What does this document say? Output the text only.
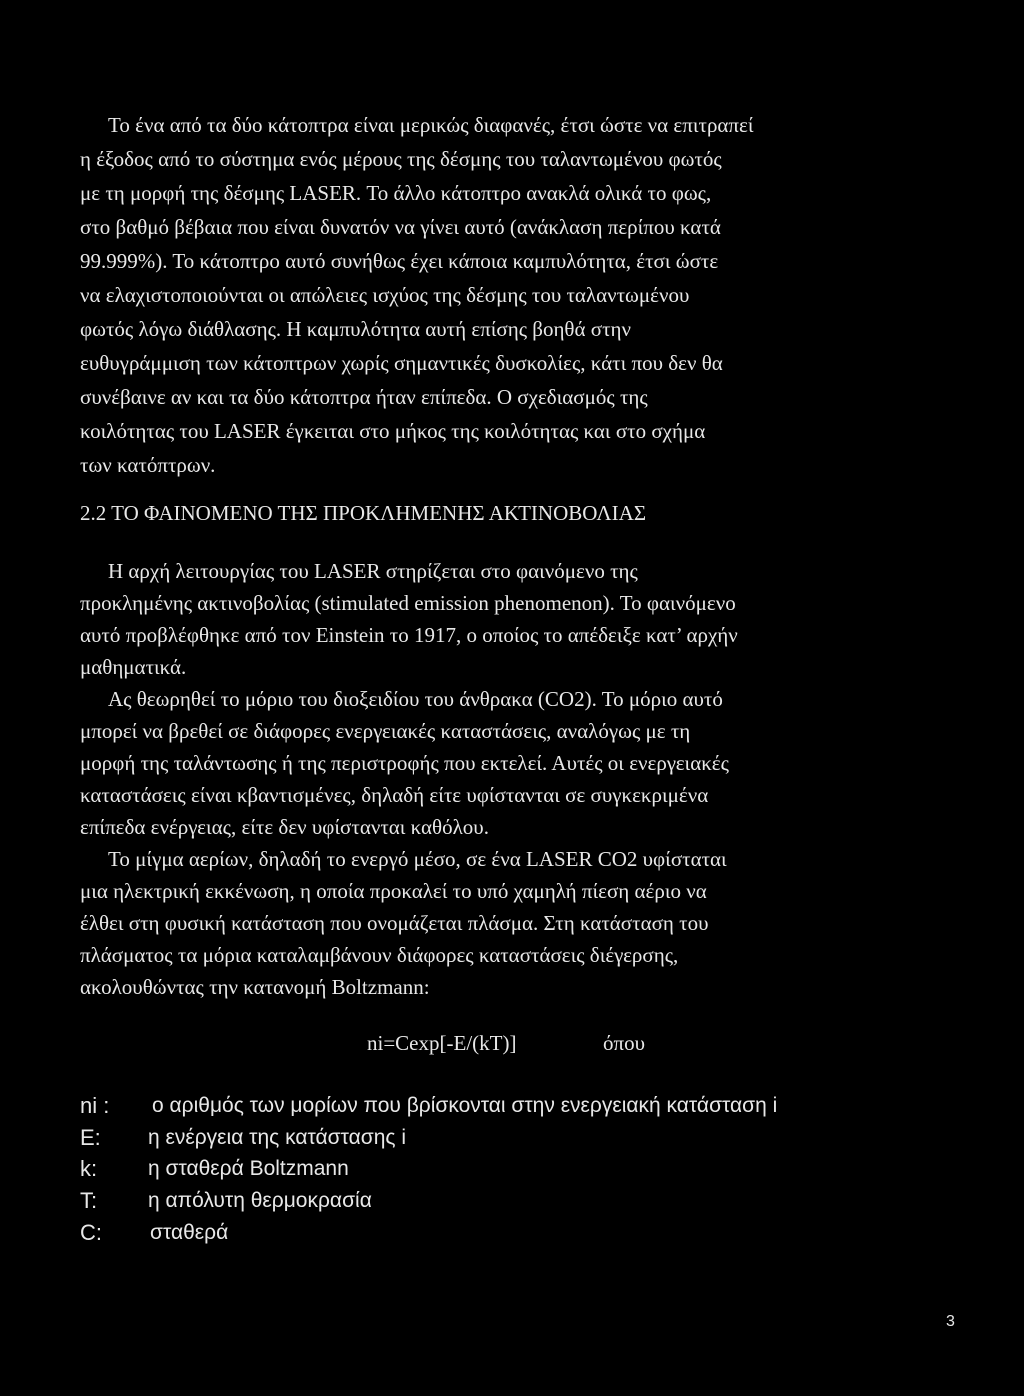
Το ένα από τα δύο κάτοπτρα είναι μερικώς διαφανές, έτσι ώστε να επιτραπεί

η έξοδος από το σύστημα ενός μέρους της δέσμης του ταλαντωμένου φωτός

με τη μορφή της δέσμης LASER. Το άλλο κάτοπτρο ανακλά ολικά το φως,

στο βαθμό βέβαια που είναι δυνατόν να γίνει αυτό (ανάκλαση περίπου κατά

99.999%). Το κάτοπτρο αυτό συνήθως έχει κάποια καμπυλότητα, έτσι ώστε

να ελαχιστοποιούνται οι απώλειες ισχύος της δέσμης του ταλαντωμένου

φωτός λόγω διάθλασης. Η καμπυλότητα αυτή επίσης βοηθά στην

ευθυγράμμιση των κάτοπτρων χωρίς σημαντικές δυσκολίες, κάτι που δεν θα

συνέβαινε αν και τα δύο κάτοπτρα ήταν επίπεδα. Ο σχεδιασμός της

κοιλότητας του LASER έγκειται στο μήκος της κοιλότητας και στο σχήμα

των κατόπτρων.

2.2 ΤΟ ΦΑΙΝΟΜΕΝΟ ΤΗΣ ΠΡΟΚΛΗΜΕΝΗΣ ΑΚΤΙΝΟΒΟΛΙΑΣ

Η αρχή λειτουργίας του LASER στηρίζεται στο φαινόμενο της

προκλημένης ακτινοβολίας (stimulated emission phenomenon). Το φαινόμενο

αυτό προβλέφθηκε από τον Einstein το 1917, ο οποίος το απέδειξε κατ’ αρχήν

μαθηματικά.

Ας θεωρηθεί το μόριο του διοξειδίου του άνθρακα (CO2). Το μόριο αυτό

μπορεί να βρεθεί σε διάφορες ενεργειακές καταστάσεις, αναλόγως με τη

μορφή της ταλάντωσης ή της περιστροφής που εκτελεί. Αυτές οι ενεργειακές

καταστάσεις είναι κβαντισμένες, δηλαδή είτε υφίστανται σε συγκεκριμένα

επίπεδα ενέργειας, είτε δεν υφίστανται καθόλου.

Το μίγμα αερίων, δηλαδή το ενεργό μέσο, σε ένα LASER CO2 υφίσταται

μια ηλεκτρική εκκένωση, η οποία προκαλεί το υπό χαμηλή πίεση αέριο να

έλθει στη φυσική κατάσταση που ονομάζεται πλάσμα. Στη κατάσταση του

πλάσματος τα μόρια καταλαμβάνουν διάφορες καταστάσεις διέγερσης,

ακολουθώντας την κατανομή Boltzmann:

ni=Cexp[-E/(kT)]	όπου
ni : ο αριθμός των μορίων που βρίσκονται στην ενεργειακή κατάσταση i
E: η ενέργεια της κατάστασης i
k: η σταθερά Boltzmann
T: η απόλυτη θερμοκρασία
C: σταθερά
3
